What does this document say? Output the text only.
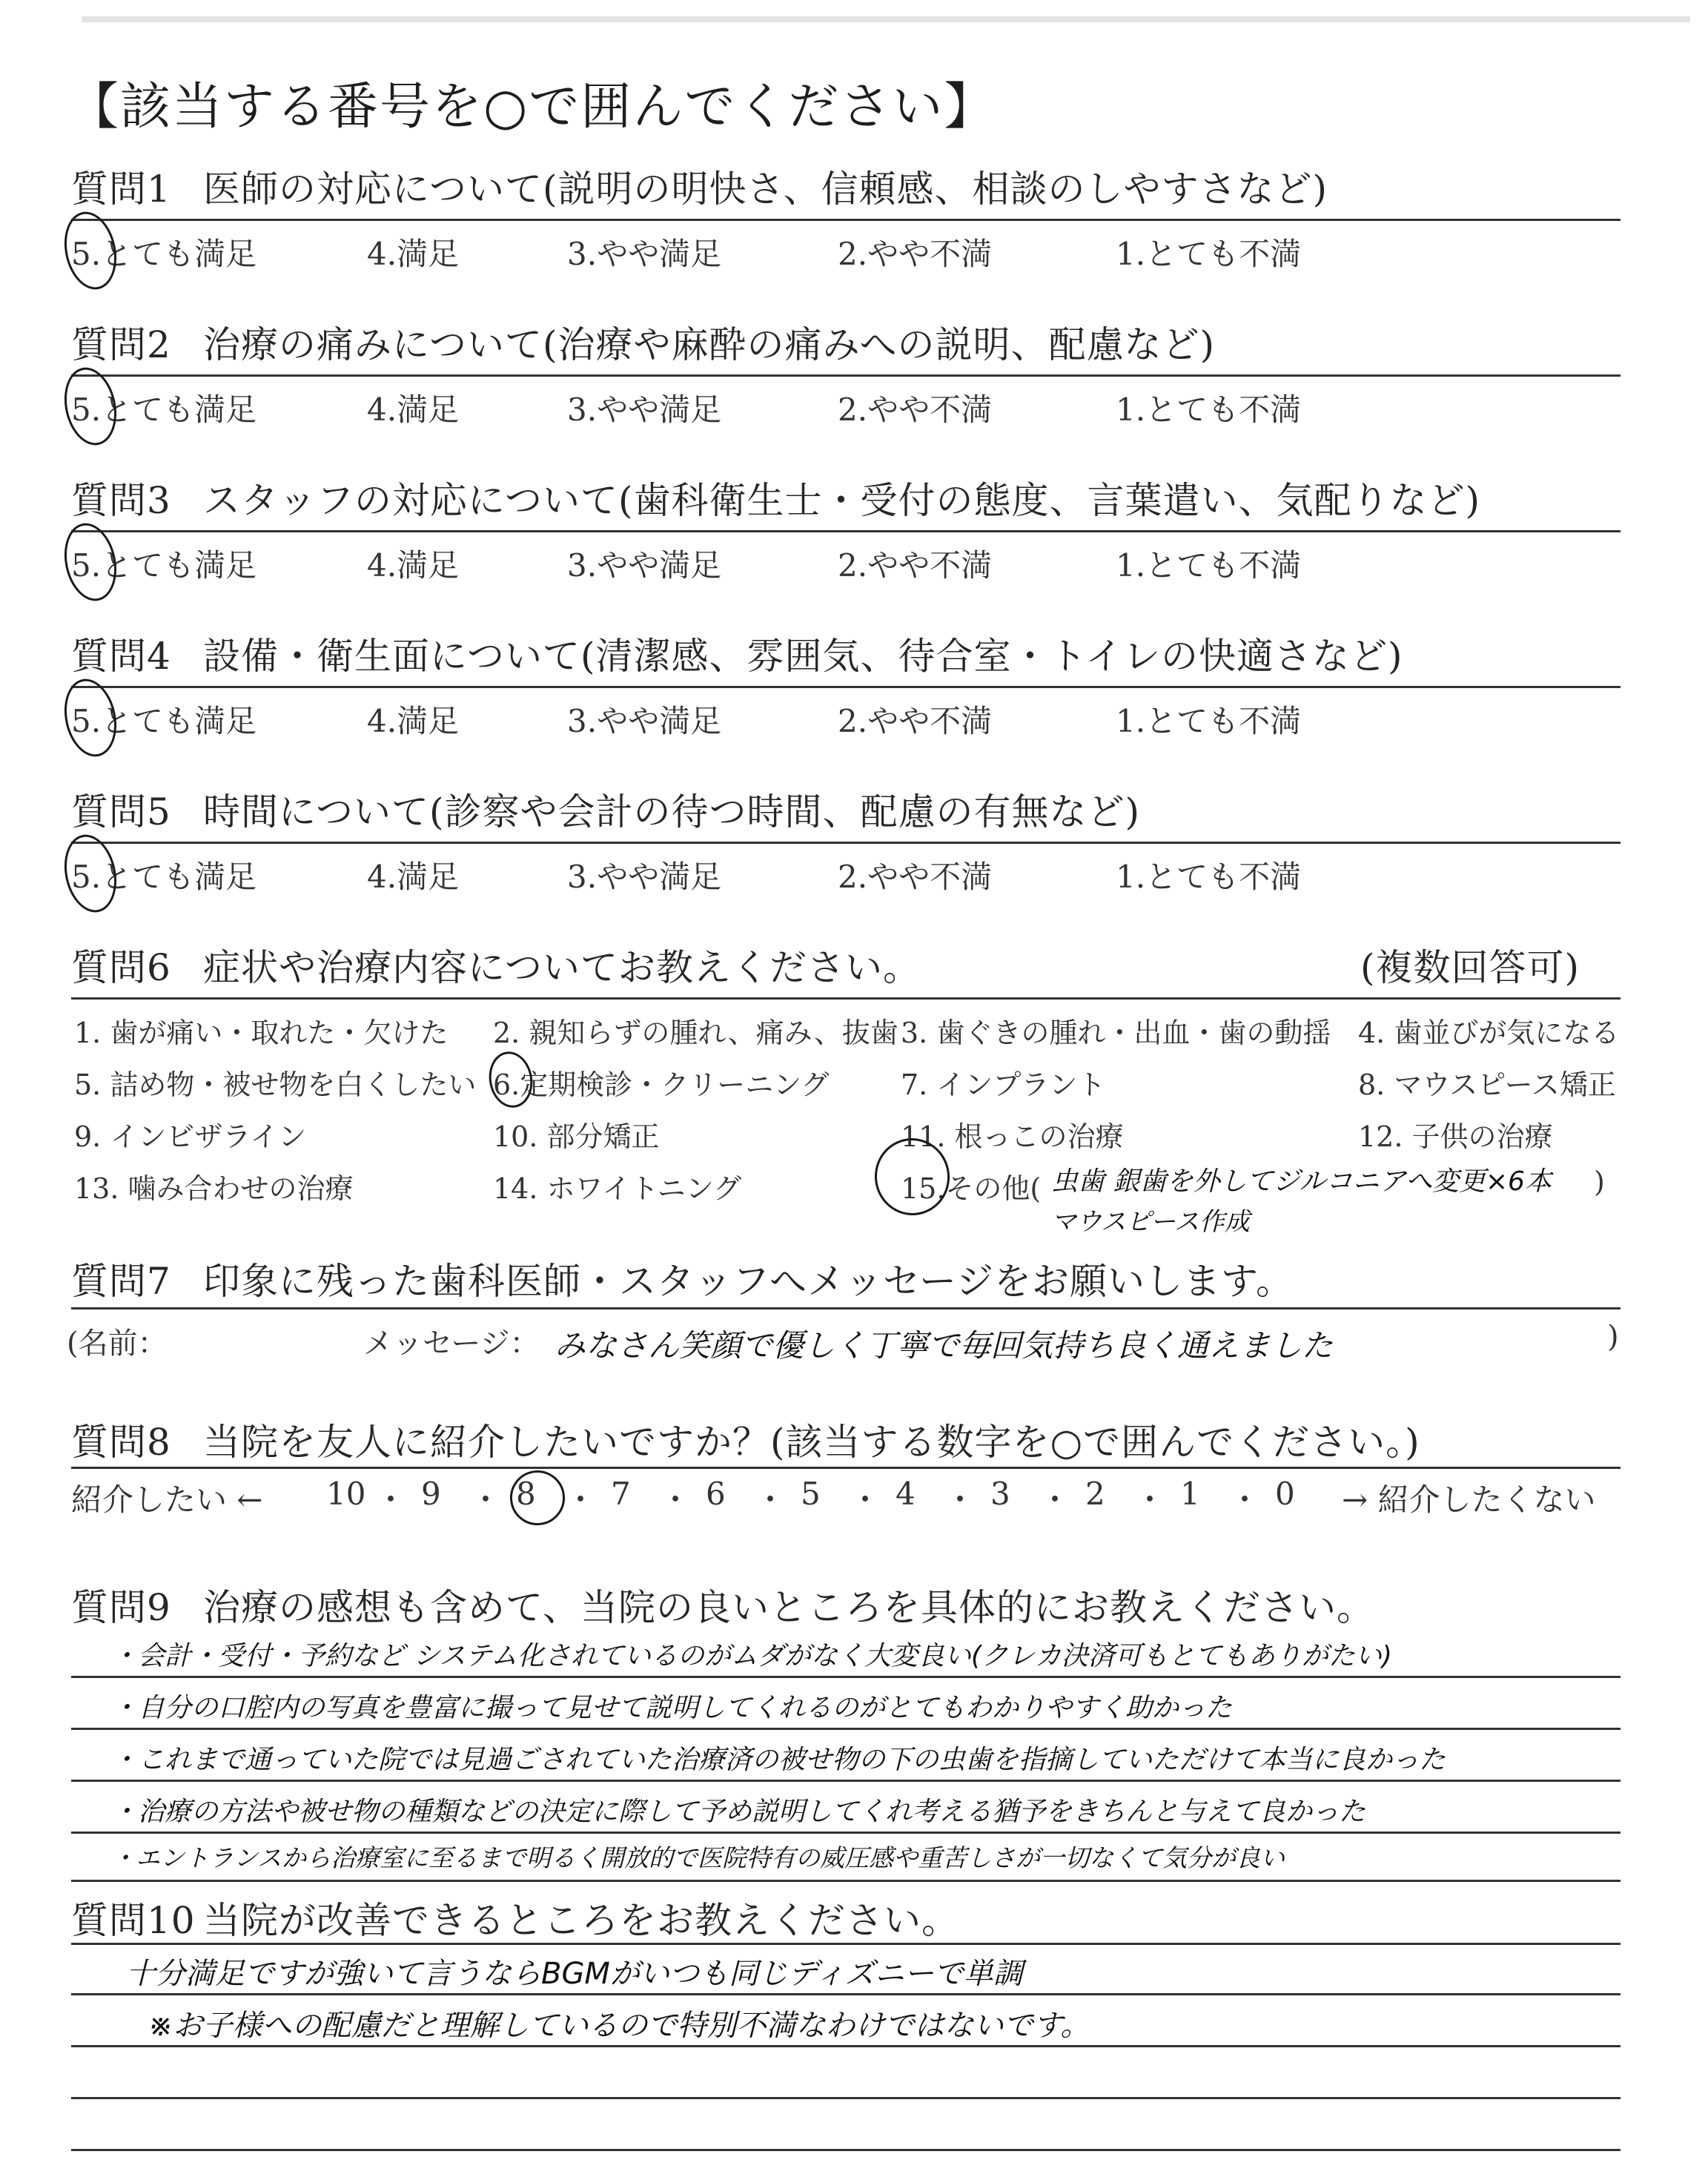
【該当する番号を○で囲んでください】
質問1 医師の対応について(説明の明快さ、信頼感、相談のしやすさなど)
5.とても満足	4.満足	3.やや満足	2.やや不満	1.とても不満
質問2 治療の痛みについて(治療や麻酔の痛みへの説明、配慮など)
5.とても満足	4.満足	3.やや満足	2.やや不満	1.とても不満
質問3 スタッフの対応について(歯科衛生士・受付の態度、言葉遣い、気配りなど)
5.とても満足	4.満足	3.やや満足	2.やや不満	1.とても不満
質問4 設備・衛生面について(清潔感、雰囲気、待合室・トイレの快適さなど)
5.とても満足	4.満足	3.やや満足	2.やや不満	1.とても不満
質問5 時間について(診察や会計の待つ時間、配慮の有無など)
5.とても満足	4.満足	3.やや満足	2.やや不満	1.とても不満
質問6 症状や治療内容についてお教えください。	(複数回答可)
1. 歯が痛い・取れた・欠けた 2. 親知らずの腫れ、痛み、抜歯 3. 歯ぐきの腫れ・出血・歯の動揺 4. 歯並びが気になる
5. 詰め物・被せ物を白くしたい 6.定期検診・クリーニング	7. インプラント	8. マウスピース矯正
9. インビザライン	10. 部分矯正	11. 根っこの治療	12. 子供の治療
13. 噛み合わせの治療	14. ホワイトニング	15.その他( 虫歯 銀歯を外してジルコニアへ変更×6本
マウスピース作成
)
質問7 印象に残った歯科医師・スタッフへメッセージをお願いします。
(名前：	メッセージ： みなさん笑顔で優しく丁寧で毎回気持ち良く通えました	)
質問8 当院を友人に紹介したいですか？(該当する数字を○で囲んでください。)
紹介したい ← 10 ・ 9 ・ 8 ・ 7 ・ 6 ・ 5 ・ 4 ・ 3 ・ 2 ・ 1 ・ 0 → 紹介したくない
質問9 治療の感想も含めて、当院の良いところを具体的にお教えください。
・会計・受付・予約など システム化されているのがムダがなく大変良い(クレカ決済可もとてもありがたい)
・自分の口腔内の写真を豊富に撮って見せて説明してくれるのがとてもわかりやすく助かった
・これまで通っていた院では見過ごされていた治療済の被せ物の下の虫歯を指摘していただけて本当に良かった
・治療の方法や被せ物の種類などの決定に際して予め説明してくれ考える猶予をきちんと与えて良かった
・エントランスから治療室に至るまで明るく開放的で医院特有の威圧感や重苦しさが一切なくて気分が良い
質問10 当院が改善できるところをお教えください。
十分満足ですが強いて言うならBGMがいつも同じディズニーで単調
※お子様への配慮だと理解しているので特別不満なわけではないです。
